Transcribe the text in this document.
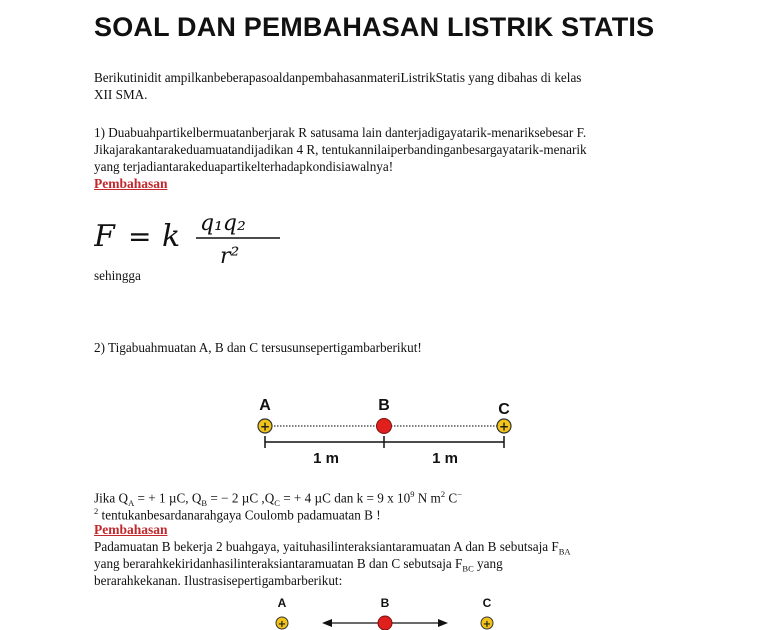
SOAL DAN PEMBAHASAN LISTRIK STATIS
Berikutinidit ampilkanbeberapasoaldanpembahasanmateriListrikStatis yang dibahas di kelas
XII SMA.
1) Duabuahpartikelbermuatanberjarak R satusama lain danterjadigayatarik-menariksebesar F.
Jikajarakantarakeduamuatandijadikan 4 R, tentukannilaiperbandinganbesargayatarik-menarik
yang terjadiantarakeduapartikelterhadapkondisiawalnya!
Pembahasan
F = k q₁q₂
r²
sehingga
2) Tigabuahmuatan A, B dan C tersusunsepertigambarberikut!
A	B	C
+	+
1 m	1 m
Jika $Q_A$ = + 1 µC, $Q_B$ = − 2 µC $,Q_C$ = + 4 µC dan k = 9 x $10^9$ N $m^2$ C−
$^2$ tentukanbesardanarahgaya Coulomb padamuatan B !
Pembahasan
Padamuatan B bekerja 2 buahgaya, yaituhasilinteraksiantaramuatan A dan B sebutsaja $F_{BA}$
yang berarahkekiridanhasilinteraksiantaramuatan B dan C sebutsaja $F_{BC}$ yang
berarahkekanan. Ilustrasisepertigambarberikut:
A	B	C
+	+
